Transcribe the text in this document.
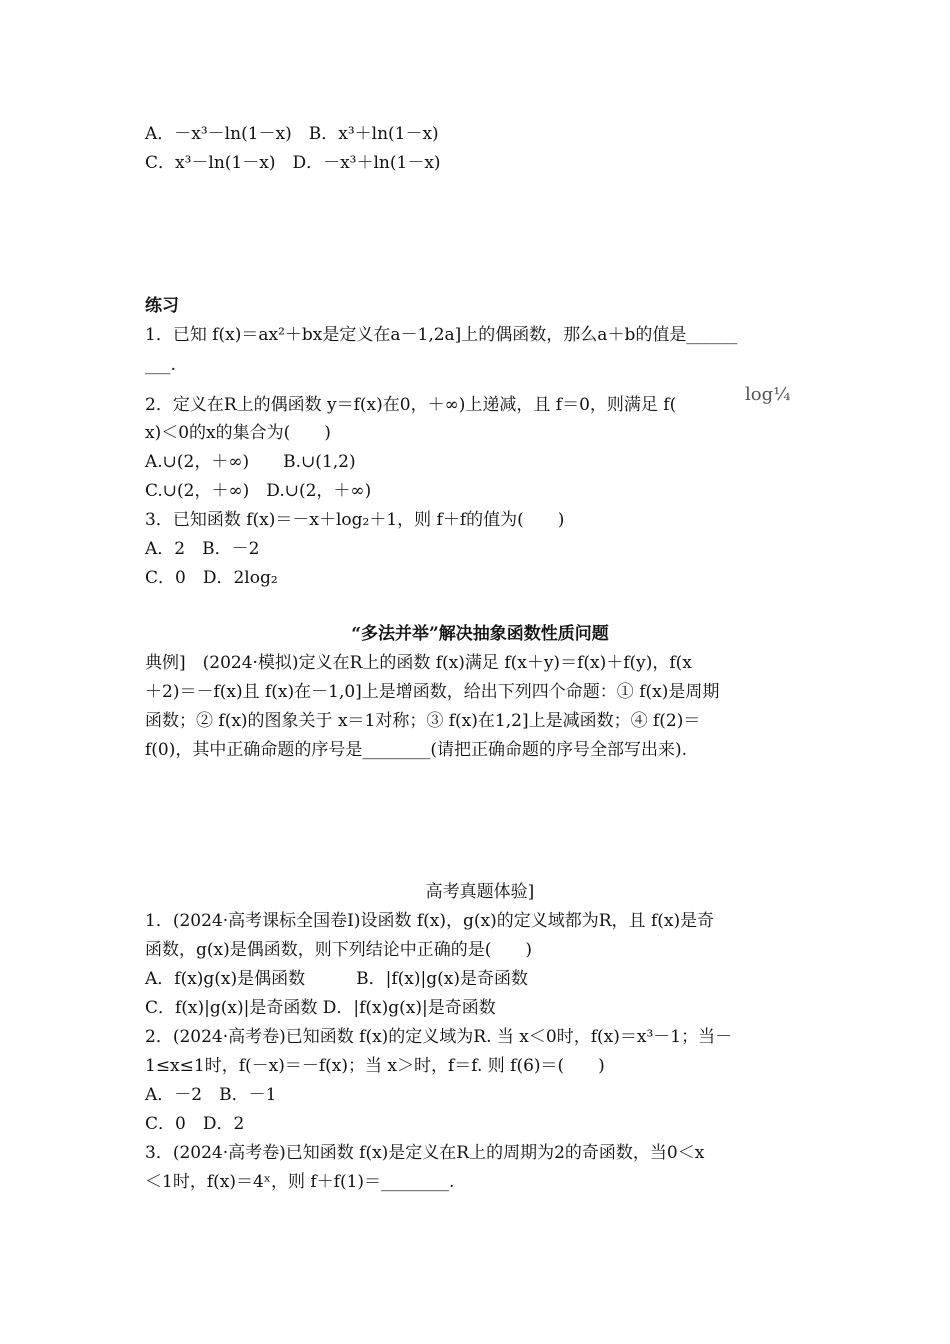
A．－x³－ln(1－x)　B．x³＋ln(1－x)
C．x³－ln(1－x)　D．－x³＋ln(1－x)
练习
1．已知 f(x)＝ax²＋bx是定义在a－1,2a]上的偶函数，那么a＋b的值是______
___.
2．定义在R上的偶函数 y＝f(x)在0，＋∞)上递减，且 f＝0，则满足 f(	log¼
x)＜0的x的集合为(　　)
A.∪(2，＋∞)　　B.∪(1,2)
C.∪(2，＋∞)　D.∪(2，＋∞)
3．已知函数 f(x)＝－x＋log₂＋1，则 f＋f的值为(　　)
A．2　B．－2
C．0　D．2log₂
“多法并举”解决抽象函数性质问题
典例]　(2024·模拟)定义在R上的函数 f(x)满足 f(x＋y)＝f(x)＋f(y)，f(x
＋2)＝－f(x)且 f(x)在－1,0]上是增函数，给出下列四个命题：① f(x)是周期
函数；② f(x)的图象关于 x＝1对称；③ f(x)在1,2]上是减函数；④ f(2)＝
f(0)，其中正确命题的序号是________(请把正确命题的序号全部写出来).
高考真题体验]
1．(2024·高考课标全国卷Ⅰ)设函数 f(x)，g(x)的定义域都为R，且 f(x)是奇
函数，g(x)是偶函数，则下列结论中正确的是(　　)
A．f(x)g(x)是偶函数　　　B．|f(x)|g(x)是奇函数
C．f(x)|g(x)|是奇函数 D．|f(x)g(x)|是奇函数
2．(2024·高考卷)已知函数 f(x)的定义域为R. 当 x＜0时，f(x)＝x³－1；当－
1≤x≤1时，f(－x)＝－f(x)；当 x＞时，f＝f. 则 f(6)＝(　　)
A．－2　B．－1
C．0　D．2
3．(2024·高考卷)已知函数 f(x)是定义在R上的周期为2的奇函数，当0＜x
＜1时，f(x)＝4ˣ，则 f＋f(1)＝________.
